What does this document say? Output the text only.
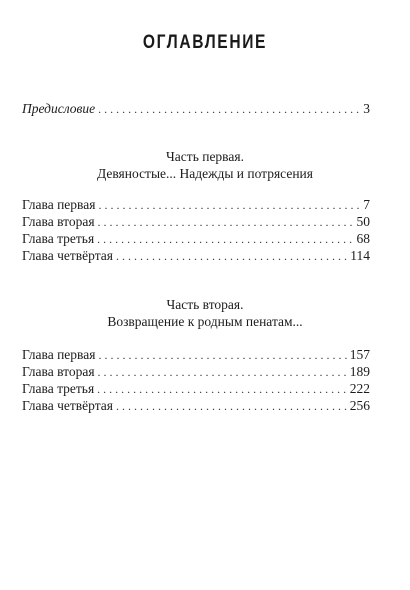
ОГЛАВЛЕНИЕ
Предисловие . . .	3
Часть первая.
Девяностые... Надежды и потрясения
Глава первая . . .	7
Глава вторая . . .	50
Глава третья . . .	68
Глава четвёртая . . .	114
Часть вторая.
Возвращение к родным пенатам...
Глава первая . . .	157
Глава вторая . . .	189
Глава третья . . .	222
Глава четвёртая . . .	256
